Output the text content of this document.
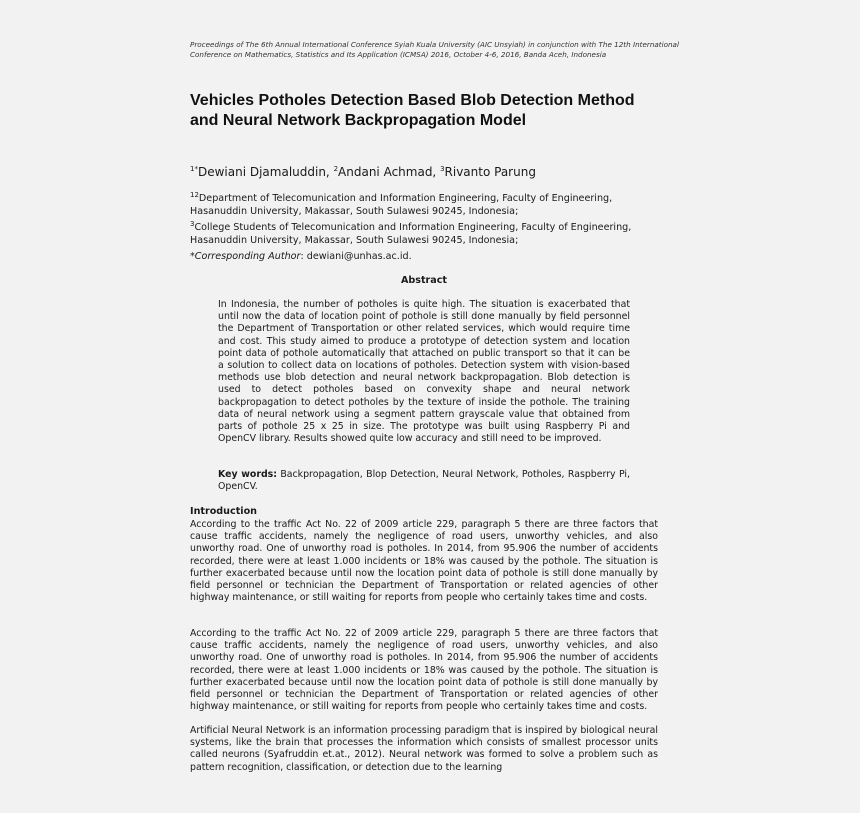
Proceedings of The 6th Annual International Conference Syiah Kuala University (AIC Unsyiah) in conjunction with The 12th International Conference on Mathematics, Statistics and Its Application (ICMSA) 2016, October 4-6, 2016, Banda Aceh, Indonesia
Vehicles Potholes Detection Based Blob Detection Method and Neural Network Backpropagation Model
$^{1*}$Dewiani Djamaluddin, $^2$Andani Achmad, $^3$Rivanto Parung
$^{12}$Department of Telecomunication and Information Engineering, Faculty of Engineering, Hasanuddin University, Makassar, South Sulawesi 90245, Indonesia;
$^3$College Students of Telecomunication and Information Engineering, Faculty of Engineering, Hasanuddin University, Makassar, South Sulawesi 90245, Indonesia;
*Corresponding Author: dewiani@unhas.ac.id.
Abstract
In Indonesia, the number of potholes is quite high. The situation is exacerbated that until now the data of location point of pothole is still done manually by field personnel the Department of Transportation or other related services, which would require time and cost. This study aimed to produce a prototype of detection system and location point data of pothole automatically that attached on public transport so that it can be a solution to collect data on locations of potholes. Detection system with vision-based methods use blob detection and neural network backpropagation. Blob detection is used to detect potholes based on convexity shape and neural network backpropagation to detect potholes by the texture of inside the pothole. The training data of neural network using a segment pattern grayscale value that obtained from parts of pothole 25 x 25 in size. The prototype was built using Raspberry Pi and OpenCV library. Results showed quite low accuracy and still need to be improved.
Key words: Backpropagation, Blop Detection, Neural Network, Potholes, Raspberry Pi, OpenCV.
Introduction
According to the traffic Act No. 22 of 2009 article 229, paragraph 5 there are three factors that cause traffic accidents, namely the negligence of road users, unworthy vehicles, and also unworthy road. One of unworthy road is potholes. In 2014, from 95.906 the number of accidents recorded, there were at least 1.000 incidents or 18% was caused by the pothole. The situation is further exacerbated because until now the location point data of pothole is still done manually by field personnel or technician the Department of Transportation or related agencies of other highway maintenance, or still waiting for reports from people who certainly takes time and costs.
According to the traffic Act No. 22 of 2009 article 229, paragraph 5 there are three factors that cause traffic accidents, namely the negligence of road users, unworthy vehicles, and also unworthy road. One of unworthy road is potholes. In 2014, from 95.906 the number of accidents recorded, there were at least 1.000 incidents or 18% was caused by the pothole. The situation is further exacerbated because until now the location point data of pothole is still done manually by field personnel or technician the Department of Transportation or related agencies of other highway maintenance, or still waiting for reports from people who certainly takes time and costs.
Artificial Neural Network is an information processing paradigm that is inspired by biological neural systems, like the brain that processes the information which consists of smallest processor units called neurons (Syafruddin et.at., 2012). Neural network was formed to solve a problem such as pattern recognition, classification, or detection due to the learning
